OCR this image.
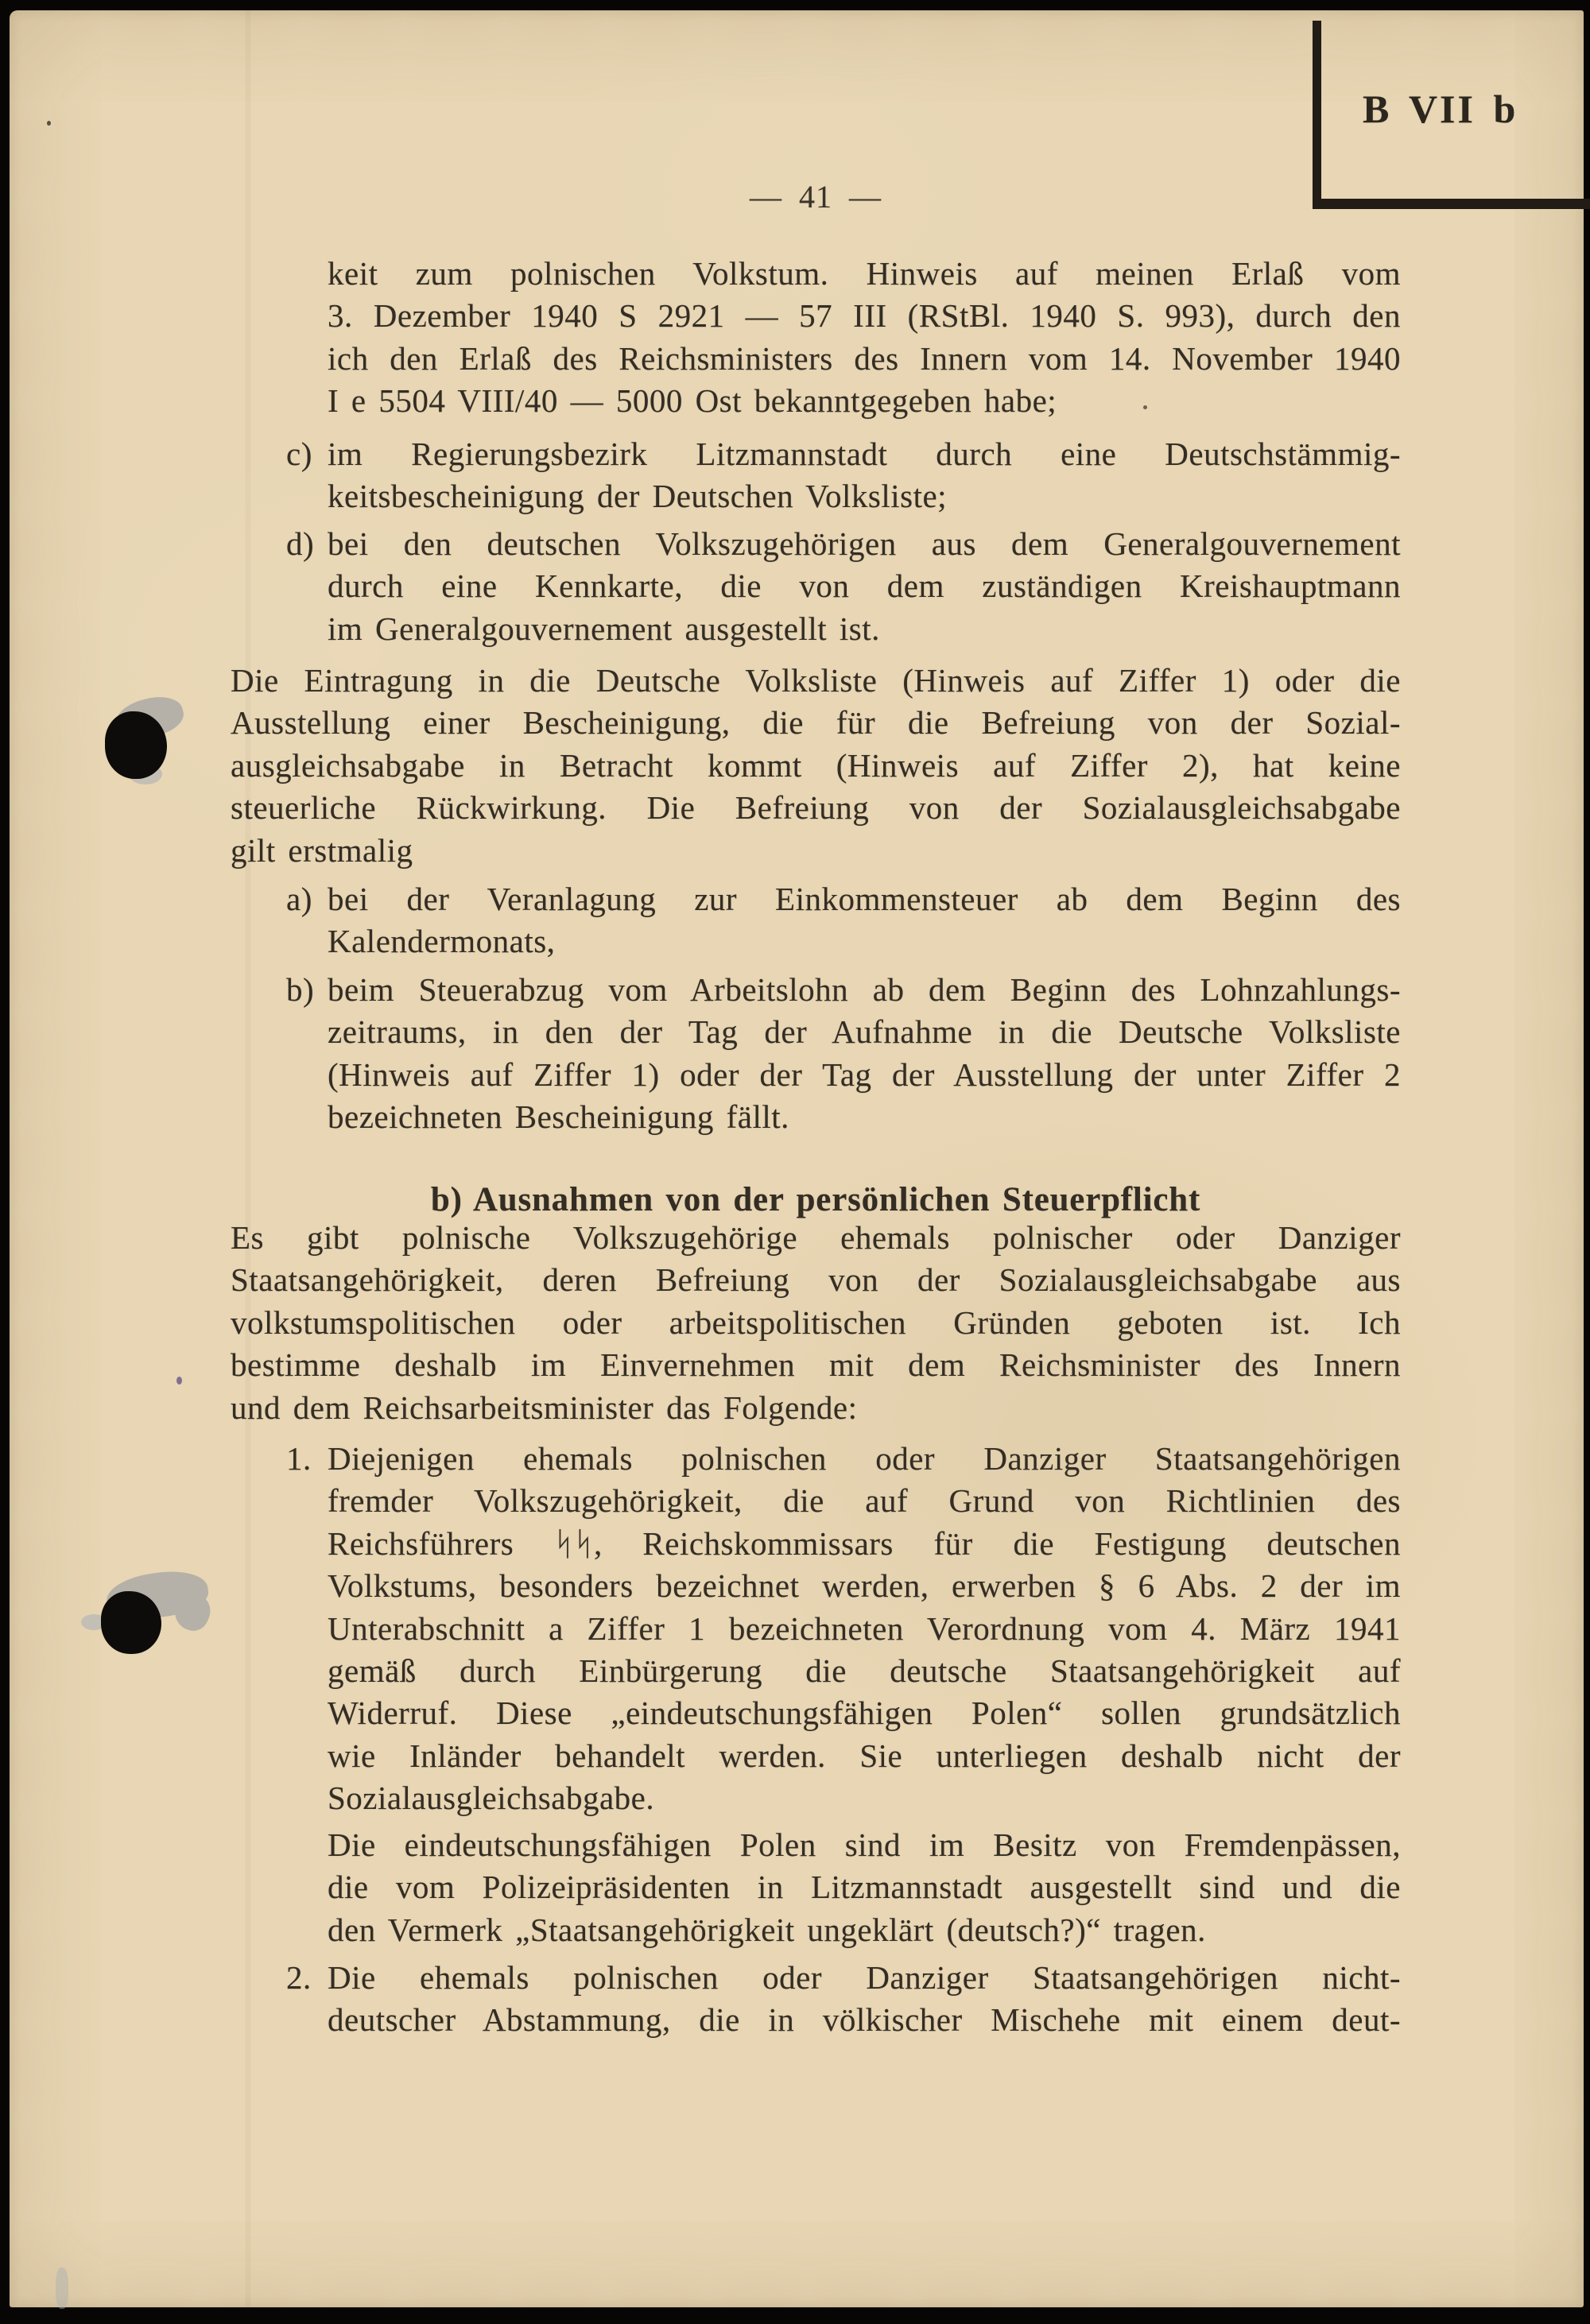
— 41 —
B VII b
keit zum polnischen Volkstum. Hinweis auf meinen Erlaß vom
3. Dezember 1940 S 2921 — 57 III (RStBl. 1940 S. 993), durch den
ich den Erlaß des Reichsministers des Innern vom 14. November 1940
I e 5504 VIII/40 — 5000 Ost bekanntgegeben habe;
c) im Regierungsbezirk Litzmannstadt durch eine Deutschstämmig-
keitsbescheinigung der Deutschen Volksliste;
d) bei den deutschen Volkszugehörigen aus dem Generalgouvernement
durch eine Kennkarte, die von dem zuständigen Kreishauptmann
im Generalgouvernement ausgestellt ist.
Die Eintragung in die Deutsche Volksliste (Hinweis auf Ziffer 1) oder die
Ausstellung einer Bescheinigung, die für die Befreiung von der Sozial-
ausgleichsabgabe in Betracht kommt (Hinweis auf Ziffer 2), hat keine
steuerliche Rückwirkung. Die Befreiung von der Sozialausgleichsabgabe
gilt erstmalig
a) bei der Veranlagung zur Einkommensteuer ab dem Beginn des
Kalendermonats,
b) beim Steuerabzug vom Arbeitslohn ab dem Beginn des Lohnzahlungs-
zeitraums, in den der Tag der Aufnahme in die Deutsche Volksliste
(Hinweis auf Ziffer 1) oder der Tag der Ausstellung der unter Ziffer 2
bezeichneten Bescheinigung fällt.
b) Ausnahmen von der persönlichen Steuerpflicht
Es gibt polnische Volkszugehörige ehemals polnischer oder Danziger
Staatsangehörigkeit, deren Befreiung von der Sozialausgleichsabgabe aus
volkstumspolitischen oder arbeitspolitischen Gründen geboten ist. Ich
bestimme deshalb im Einvernehmen mit dem Reichsminister des Innern
und dem Reichsarbeitsminister das Folgende:
1. Diejenigen ehemals polnischen oder Danziger Staatsangehörigen
fremder Volkszugehörigkeit, die auf Grund von Richtlinien des
Reichsführers ᛋᛋ, Reichskommissars für die Festigung deutschen
Volkstums, besonders bezeichnet werden, erwerben § 6 Abs. 2 der im
Unterabschnitt a Ziffer 1 bezeichneten Verordnung vom 4. März 1941
gemäß durch Einbürgerung die deutsche Staatsangehörigkeit auf
Widerruf. Diese „eindeutschungsfähigen Polen“ sollen grundsätzlich
wie Inländer behandelt werden. Sie unterliegen deshalb nicht der
Sozialausgleichsabgabe.
Die eindeutschungsfähigen Polen sind im Besitz von Fremdenpässen,
die vom Polizeipräsidenten in Litzmannstadt ausgestellt sind und die
den Vermerk „Staatsangehörigkeit ungeklärt (deutsch?)“ tragen.
2. Die ehemals polnischen oder Danziger Staatsangehörigen nicht-
deutscher Abstammung, die in völkischer Mischehe mit einem deut-
